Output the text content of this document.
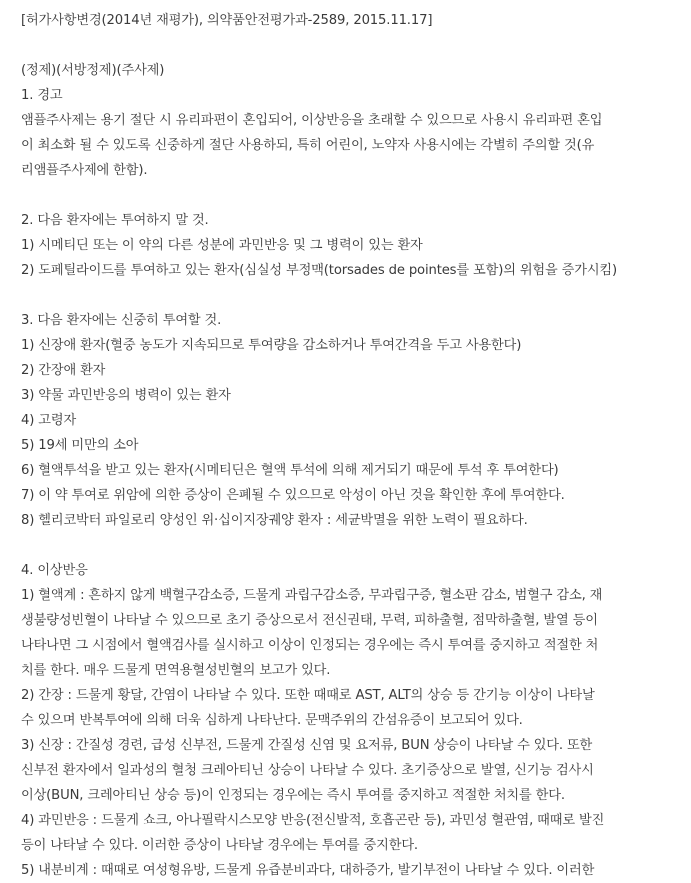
[허가사항변경(2014년 재평가), 의약품안전평가과-2589, 2015.11.17]
(정제)(서방정제)(주사제)
1. 경고
앰플주사제는 용기 절단 시 유리파편이 혼입되어, 이상반응을 초래할 수 있으므로 사용시 유리파편 혼입
이 최소화 될 수 있도록 신중하게 절단 사용하되, 특히 어린이, 노약자 사용시에는 각별히 주의할 것(유
리앰플주사제에 한함).
2. 다음 환자에는 투여하지 말 것.
1) 시메티딘 또는 이 약의 다른 성분에 과민반응 및 그 병력이 있는 환자
2) 도페틸라이드를 투여하고 있는 환자(심실성 부정맥(torsades de pointes를 포함)의 위험을 증가시킴)
3. 다음 환자에는 신중히 투여할 것.
1) 신장애 환자(혈중 농도가 지속되므로 투여량을 감소하거나 투여간격을 두고 사용한다)
2) 간장애 환자
3) 약물 과민반응의 병력이 있는 환자
4) 고령자
5) 19세 미만의 소아
6) 혈액투석을 받고 있는 환자(시메티딘은 혈액 투석에 의해 제거되기 때문에 투석 후 투여한다)
7) 이 약 투여로 위암에 의한 증상이 은폐될 수 있으므로 악성이 아닌 것을 확인한 후에 투여한다.
8) 헬리코박터 파일로리 양성인 위·십이지장궤양 환자 : 세균박멸을 위한 노력이 필요하다.
4. 이상반응
1) 혈액계 : 흔하지 않게 백혈구감소증, 드물게 과립구감소증, 무과립구증, 혈소판 감소, 범혈구 감소, 재
생불량성빈혈이 나타날 수 있으므로 초기 증상으로서 전신권태, 무력, 피하출혈, 점막하출혈, 발열 등이
나타나면 그 시점에서 혈액검사를 실시하고 이상이 인정되는 경우에는 즉시 투여를 중지하고 적절한 처
치를 한다. 매우 드물게 면역용혈성빈혈의 보고가 있다.
2) 간장 : 드물게 황달, 간염이 나타날 수 있다. 또한 때때로 AST, ALT의 상승 등 간기능 이상이 나타날
수 있으며 반복투여에 의해 더욱 심하게 나타난다. 문맥주위의 간섬유증이 보고되어 있다.
3) 신장 : 간질성 경련, 급성 신부전, 드물게 간질성 신염 및 요저류, BUN 상승이 나타날 수 있다. 또한
신부전 환자에서 일과성의 혈청 크레아티닌 상승이 나타날 수 있다. 초기증상으로 발열, 신기능 검사시
이상(BUN, 크레아티닌 상승 등)이 인정되는 경우에는 즉시 투여를 중지하고 적절한 처치를 한다.
4) 과민반응 : 드물게 쇼크, 아나필락시스모양 반응(전신발적, 호흡곤란 등), 과민성 혈관염, 때때로 발진
등이 나타날 수 있다. 이러한 증상이 나타날 경우에는 투여를 중지한다.
5) 내분비계 : 때때로 여성형유방, 드물게 유즙분비과다, 대하증가, 발기부전이 나타날 수 있다. 이러한
